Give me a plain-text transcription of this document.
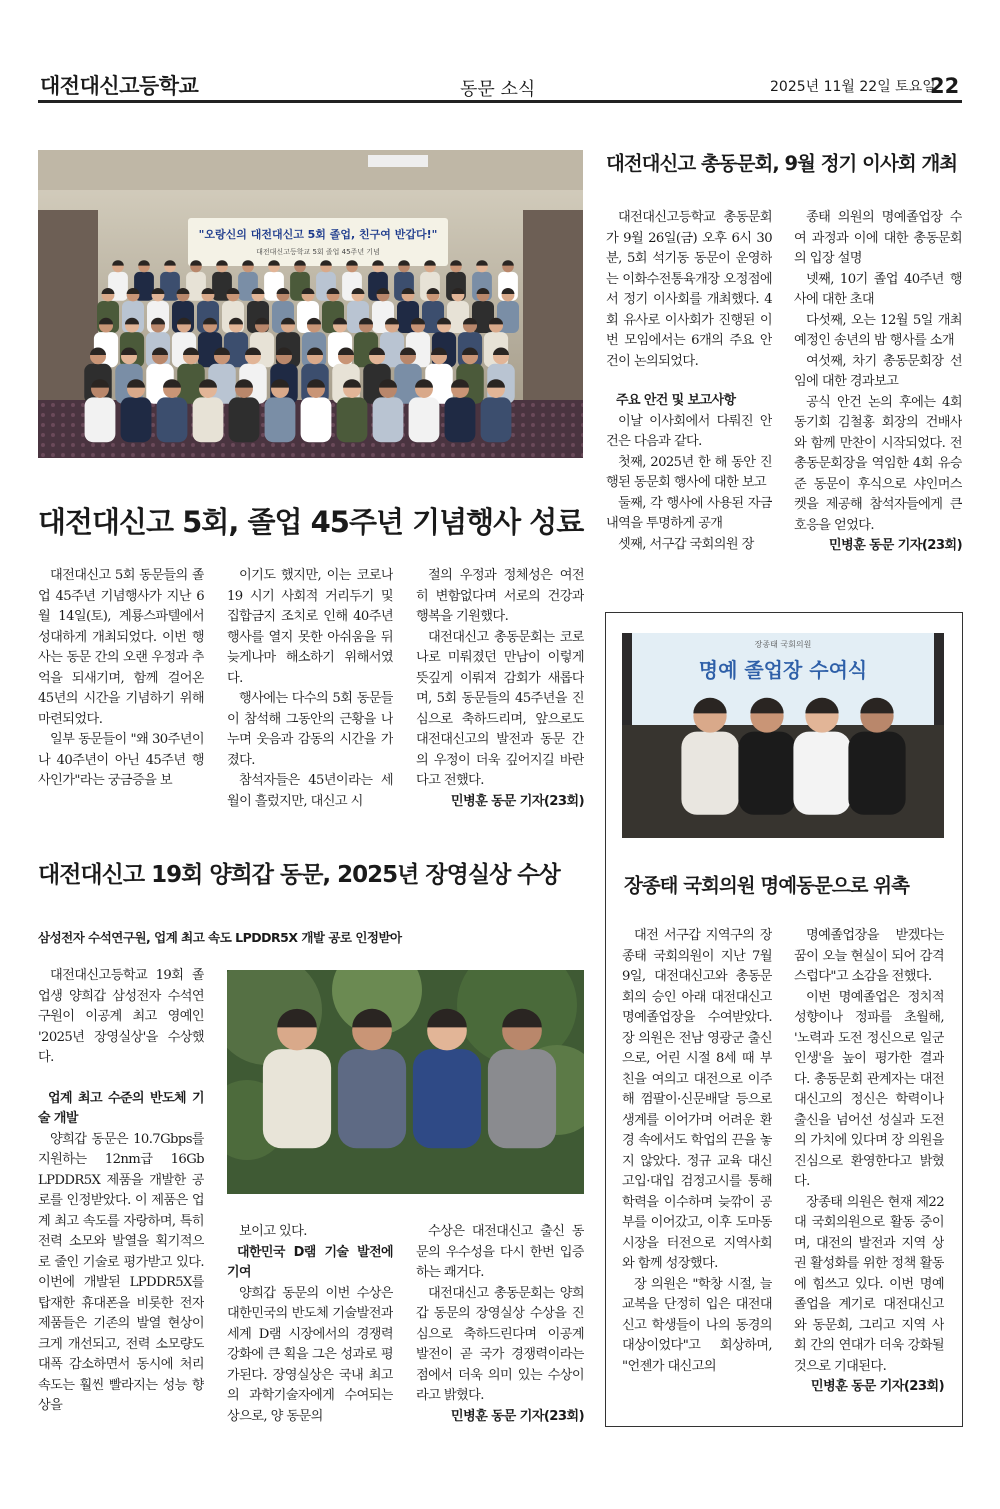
대전대신고등학교	동문 소식	2025년 11월 22일 토요일
22
"오랑신의 대전대신고 5회 졸업, 친구여 반갑다!"
대전대신고등학교 5회 졸업 45주년 기념
대전대신고 5회, 졸업 45주년 기념행사 성료

대전대신고 5회 동문들의 졸업 45주년 기념행사가 지난 6월 14일(토), 계룡스파텔에서 성대하게 개최되었다. 이번 행사는 동문 간의 오랜 우정과 추억을 되새기며, 함께 걸어온 45년의 시간을 기념하기 위해 마련되었다.

일부 동문들이 "왜 30주년이나 40주년이 아닌 45주년 행사인가"라는 궁금증을 보

이기도 했지만, 이는 코로나19 시기 사회적 거리두기 및 집합금지 조치로 인해 40주년 행사를 열지 못한 아쉬움을 뒤늦게나마 해소하기 위해서였다.

행사에는 다수의 5회 동문들이 참석해 그동안의 근황을 나누며 웃음과 감동의 시간을 가졌다.

참석자들은 45년이라는 세월이 흘렀지만, 대신고 시

절의 우정과 정체성은 여전히 변함없다며 서로의 건강과 행복을 기원했다.

대전대신고 총동문회는 코로나로 미뤄졌던 만남이 이렇게 뜻깊게 이뤄져 감회가 새롭다며, 5회 동문들의 45주년을 진심으로 축하드리며, 앞으로도 대전대신고의 발전과 동문 간의 우정이 더욱 깊어지길 바란다고 전했다.

민병훈 동문 기자(23회)

대전대신고 총동문회, 9월 정기 이사회 개최

대전대신고등학교 총동문회가 9월 26일(금) 오후 6시 30분, 5회 석기동 동문이 운영하는 이화수전통육개장 오정점에서 정기 이사회를 개최했다. 4회 유사로 이사회가 진행된 이번 모임에서는 6개의 주요 안건이 논의되었다.

주요 안건 및 보고사항

이날 이사회에서 다뤄진 안건은 다음과 같다.

첫째, 2025년 한 해 동안 진행된 동문회 행사에 대한 보고

둘째, 각 행사에 사용된 자금 내역을 투명하게 공개

셋째, 서구갑 국회의원 장

종태 의원의 명예졸업장 수여 과정과 이에 대한 총동문회의 입장 설명

넷째, 10기 졸업 40주년 행사에 대한 초대

다섯째, 오는 12월 5일 개최 예정인 송년의 밤 행사를 소개

여섯째, 차기 총동문회장 선임에 대한 경과보고

공식 안건 논의 후에는 4회 동기회 김철홍 회장의 건배사와 함께 만찬이 시작되었다. 전 총동문회장을 역임한 4회 유승준 동문이 후식으로 샤인머스켓을 제공해 참석자들에게 큰 호응을 얻었다.

민병훈 동문 기자(23회)

대전대신고 19회 양희갑 동문, 2025년 장영실상 수상
삼성전자 수석연구원, 업계 최고 속도 LPDDR5X 개발 공로 인정받아

대전대신고등학교 19회 졸업생 양희갑 삼성전자 수석연구원이 이공계 최고 영예인 '2025년 장영실상'을 수상했다.

업계 최고 수준의 반도체 기술 개발

양희갑 동문은 10.7Gbps를 지원하는 12nm급 16Gb LPDDR5X 제품을 개발한 공로를 인정받았다. 이 제품은 업계 최고 속도를 자랑하며, 특히 전력 소모와 발열을 획기적으로 줄인 기술로 평가받고 있다. 이번에 개발된 LPDDR5X를 탑재한 휴대폰을 비롯한 전자제품들은 기존의 발열 현상이 크게 개선되고, 전력 소모량도 대폭 감소하면서 동시에 처리 속도는 훨씬 빨라지는 성능 향상을

보이고 있다.

대한민국 D램 기술 발전에 기여

양희갑 동문의 이번 수상은 대한민국의 반도체 기술발전과 세계 D램 시장에서의 경쟁력 강화에 큰 획을 그은 성과로 평가된다. 장영실상은 국내 최고의 과학기술자에게 수여되는 상으로, 양 동문의

수상은 대전대신고 출신 동문의 우수성을 다시 한번 입증하는 쾌거다.

대전대신고 총동문회는 양희갑 동문의 장영실상 수상을 진심으로 축하드린다며 이공계 발전이 곧 국가 경쟁력이라는 점에서 더욱 의미 있는 수상이라고 밝혔다.

민병훈 동문 기자(23회)

장종태 국회의원
명예 졸업장 수여식
장종태 국회의원 명예동문으로 위촉

대전 서구갑 지역구의 장종태 국회의원이 지난 7월 9일, 대전대신고와 총동문회의 승인 아래 대전대신고 명예졸업장을 수여받았다. 장 의원은 전남 영광군 출신으로, 어린 시절 8세 때 부친을 여의고 대전으로 이주해 껌팔이·신문배달 등으로 생계를 이어가며 어려운 환경 속에서도 학업의 끈을 놓지 않았다. 정규 교육 대신 고입·대입 검정고시를 통해 학력을 이수하며 늦깎이 공부를 이어갔고, 이후 도마동시장을 터전으로 지역사회와 함께 성장했다.

장 의원은 "학창 시절, 늘 교복을 단정히 입은 대전대신고 학생들이 나의 동경의 대상이었다"고 회상하며, "언젠가 대신고의

명예졸업장을 받겠다는 꿈이 오늘 현실이 되어 감격스럽다"고 소감을 전했다.

이번 명예졸업은 정치적 성향이나 정파를 초월해, '노력과 도전 정신으로 일군 인생'을 높이 평가한 결과다. 총동문회 관계자는 대전대신고의 정신은 학력이나 출신을 넘어선 성실과 도전의 가치에 있다며 장 의원을 진심으로 환영한다고 밝혔다.

장종태 의원은 현재 제22대 국회의원으로 활동 중이며, 대전의 발전과 지역 상권 활성화를 위한 정책 활동에 힘쓰고 있다. 이번 명예졸업을 계기로 대전대신고와 동문회, 그리고 지역 사회 간의 연대가 더욱 강화될 것으로 기대된다.

민병훈 동문 기자(23회)
